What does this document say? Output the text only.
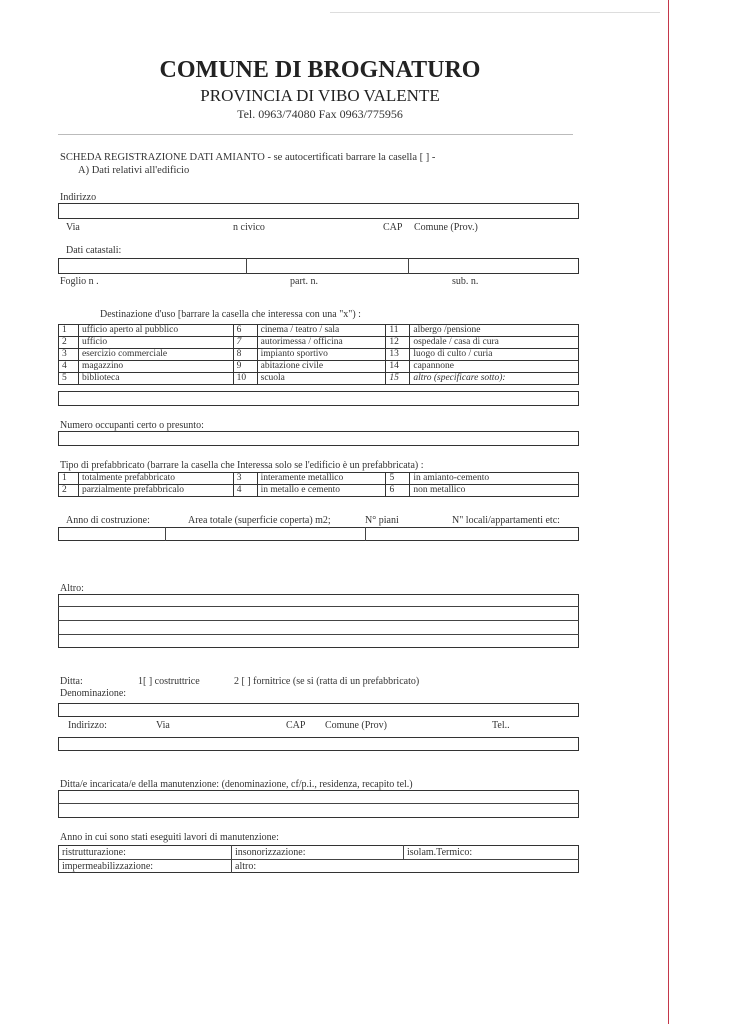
COMUNE DI BROGNATURO
PROVINCIA DI VIBO VALENTE
Tel. 0963/74080 Fax 0963/775956
SCHEDA REGISTRAZIONE DATI AMIANTO - se autocertificati barrare la casella [ ] -
A) Dati relativi all'edificio
Indirizzo
Via	n civico	CAP Comune (Prov.)
Dati catastali:
Foglio n .	part. n.	sub. n.
Destinazione d'uso [barrare la casella che interessa con una "x") :
1	ufficio aperto al pubblico	6	cinema / teatro / sala	11	albergo /pensione
2	ufficio	7	autorimessa / officina	12	ospedale / casa di cura
3	esercizio commerciale	8	impianto sportivo	13	luogo di culto / curia
4	magazzino	9	abitazione civile	14	capannone
5	biblioteca	10	scuola	15	altro (specificare sotto):
Numero occupanti certo o presunto:
Tipo di prefabbricato (barrare la casella che Interessa solo se l'edificio è un prefabbricata) :
1	totalmente prefabbricato	3	interamente metallico	5	in amianto-cemento
2	parzialmente prefabbricalo	4	in metallo e cemento	6	non metallico
Anno di costruzione:	Area totale (superficie coperta) m2;	N° piani	N" locali/appartamenti etc:
Altro:
Ditta:	1[ ] costruttrice	2 [ ] fornitrice (se si (ratta di un prefabbricato)
Denominazione:
Indirizzo:	Via	CAP Comune (Prov)	Tel..
Ditta/e incaricata/e della manutenzione: (denominazione, cf/p.i., residenza, recapito tel.)
Anno in cui sono stati eseguiti lavori di manutenzione:
ristrutturazione:	insonorizzazione:	isolam.Termico:
impermeabilizzazione:	altro:
